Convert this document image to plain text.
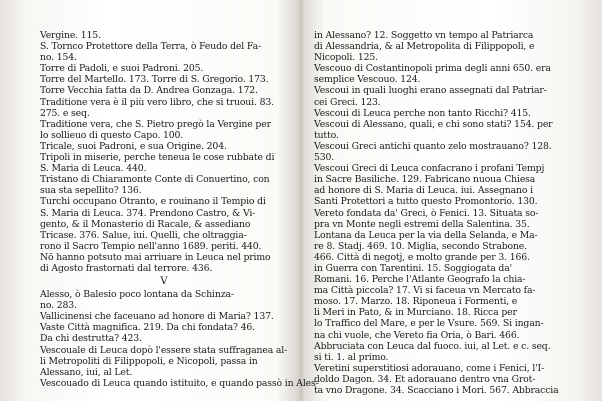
Vergine. 115.
S. Tornco Protettore della Terra, ò Feudo del Fa-
no. 154.
Torre di Padoli, e suoi Padroni. 205.
Torre del Martello. 173. Torre di S. Gregorio. 173.
Torre Vecchia fatta da D. Andrea Gonzaga. 172.
Traditione vera è il più vero libro, che si truoui. 83.
275. e seq.
Traditione vera, che S. Pietro pregò la Vergine per
lo sollieuo di questo Capo. 100.
Tricale, suoi Padroni, e sua Origine. 204.
Tripoli in miserie, perche teneua le cose rubbate di
S. Maria di Leuca. 440.
Tristano di Chiaramonte Conte di Conuertino, con
sua sta sepellito? 136.
Turchi occupano Otranto, e rouinano il Tempio di
S. Maria di Leuca. 374. Prendono Castro, & Vi-
gento, & il Monasterio di Racale, & assediano
Tricase. 376. Salue, iui. Quelli, che oltraggia-
rono il Sacro Tempio nell'anno 1689. periti. 440.
Nō hanno potsuto mai arriuare in Leuca nel primo
di Agosto frastornati dal terrore. 436.
V
Alesso, ò Balesio poco lontana da Schinza-
no. 283.
Vallicinensi che faceuano ad honore di Maria? 137.
Vaste Città magnifica. 219. Da chi fondata? 46.
Da chi destrutta? 423.
Vescouale di Leuca dopò l'essere stata suffraganea al-
li Metropoliti di Filippopoli, e Nicopoli, passa in
Alessano, iui, al Let.
Vescouado di Leuca quando istituito, e quando passò in Ales-
in Alessano? 12. Soggetto vn tempo al Patriarca
di Alessandria, & al Metropolita di Filippopoli, e
Nicopoli. 125.
Vescouo di Costantinopoli prima degli anni 650. era
semplice Vescouo. 124.
Vescoui in quali luoghi erano assegnati dal Patriar-
cei Greci. 123.
Vescoui di Leuca perche non tanto Ricchi? 415.
Vescoui di Alessano, quali, e chi sono stati? 154. per
tutto.
Vescoui Greci antichi quanto zelo mostrauano? 128.
530.
Vescoui Greci di Leuca confacrano i profani Tempj
in Sacre Basiliche. 129. Fabricano nuoua Chiesa
ad honore di S. Maria di Leuca. iui. Assegnano i
Santi Protettori a tutto questo Promontorio. 130.
Vereto fondata da' Greci, ò Fenici. 13. Situata so-
pra vn Monte negli estremi della Salentina. 35.
Lontana da Leuca per la via della Selanda, e Ma-
re 8. Stadj. 469. 10. Miglia, secondo Strabone.
466. Città di negotj, e molto grande per 3. 166.
in Guerra con Tarentini. 15. Soggiogata da'
Romani. 16. Perche l'Atlante Geografo la chia-
ma Città piccola? 17. Vi si faceua vn Mercato fa-
moso. 17. Marzo. 18. Riponeua i Formenti, e
li Meri in Pato, & in Murciano. 18. Ricca per
lo Traffico del Mare, e per le Vsure. 569. Si ingan-
na chi vuole, che Vereto fia Oria, ò Bari. 466.
Abbruciata con Leuca dal fuoco. iui, al Let. e c. seq.
si ti. 1. al primo.
Veretini superstitiosi adorauano, come i Fenici, l'I-
doldo Dagon. 34. Et adorauano dentro vna Grot-
ta vno Dragone. 34. Scacciano i Mori. 567. Abbraccia
